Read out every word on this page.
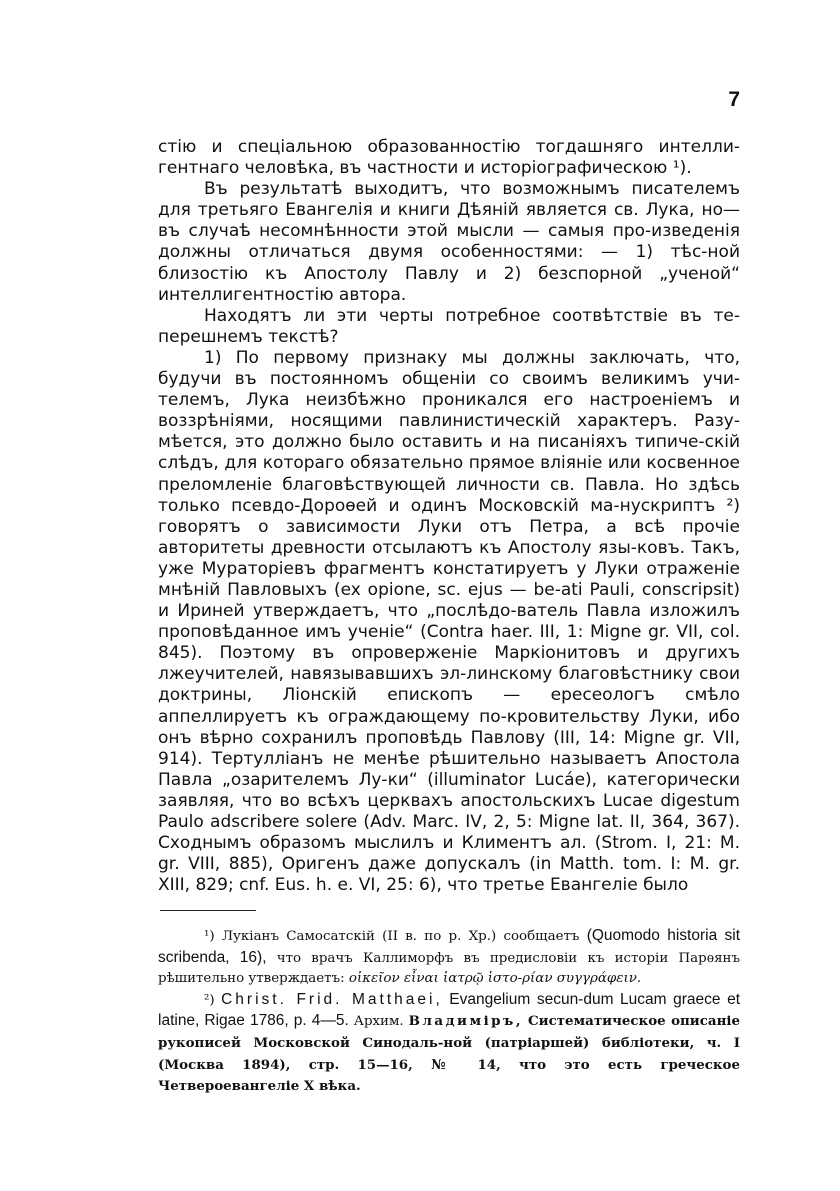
7

стію и спеціальною образованностію тогдашняго интелли-гентнаго человѣка, въ частности и исторіографическою ¹).

Въ результатѣ выходитъ, что возможнымъ писателемъ для третьяго Евангелія и книги Дѣяній является св. Лука, но— въ случаѣ несомнѣнности этой мысли — самыя про-изведенія должны отличаться двумя особенностями: — 1) тѣс-ной близостію къ Апостолу Павлу и 2) безспорной „ученой“ интеллигентностію автора.

Находятъ ли эти черты потребное соотвѣтствіе въ те-перешнемъ текстѣ?

1) По первому признаку мы должны заключать, что, будучи въ постоянномъ общеніи со своимъ великимъ учи-телемъ, Лука неизбѣжно проникался его настроеніемъ и воззрѣніями, носящими павлинистическій характеръ. Разу-мѣется, это должно было оставить и на писаніяхъ типиче-скій слѣдъ, для котораго обязательно прямое вліяніе или косвенное преломленіе благовѣствующей личности св. Павла. Но здѣсь только псевдо-Дороѳей и одинъ Московскій ма-нускриптъ ²) говорятъ о зависимости Луки отъ Петра, а всѣ прочіе авторитеты древности отсылаютъ къ Апостолу язы-ковъ. Такъ, уже Мураторіевъ фрагментъ констатируетъ у Луки отраженіе мнѣній Павловыхъ (ex opione, sc. ejus — be-ati Pauli, conscripsit) и Ириней утверждаетъ, что „послѣдо-ватель Павла изложилъ проповѣданное имъ ученіе“ (Contra haer. III, 1: Migne gr. VII, col. 845). Поэтому въ опроверженіе Маркіонитовъ и другихъ лжеучителей, навязывавшихъ эл-линскому благовѣстнику свои доктрины, Ліонскій епископъ — ересеологъ смѣло аппеллируетъ къ ограждающему по-кровительству Луки, ибо онъ вѣрно сохранилъ проповѣдь Павлову (III, 14: Migne gr. VII, 914). Тертулліанъ не менѣе рѣшительно называетъ Апостола Павла „озарителемъ Лу-ки“ (illuminator Lucáe), категорически заявляя, что во всѣхъ церквахъ апостольскихъ Lucae digestum Paulo adscribere solere (Adv. Marc. IV, 2, 5: Migne lat. II, 364, 367). Сходнымъ образомъ мыслилъ и Климентъ ал. (Strom. I, 21: M. gr. VIII, 885), Оригенъ даже допускалъ (in Matth. tom. I: M. gr. XIII, 829; cnf. Eus. h. e. VI, 25: 6), что третье Евангеліе было

¹) Лукіанъ Самосатскій (II в. по р. Хр.) сообщаетъ (Quomodo historia sit scribenda, 16), что врачъ Каллиморфъ въ предисловіи къ исторіи Парѳянъ рѣшительно утверждаетъ: οἰκεῖον εἶναι ἰατρῷ ἱστο-ρίαν συγγράφειν.

²) Christ. Frid. Matthaei, Evangelium secun-dum Lucam graece et latine, Rigae 1786, p. 4—5. Архим. Владиміръ, Систематическое описаніе рукописей Московской Синодаль-ной (патріаршей) библіотеки, ч. I (Москва 1894), стр. 15—16, № 14, что это есть греческое Четвероевангеліе X вѣка.
